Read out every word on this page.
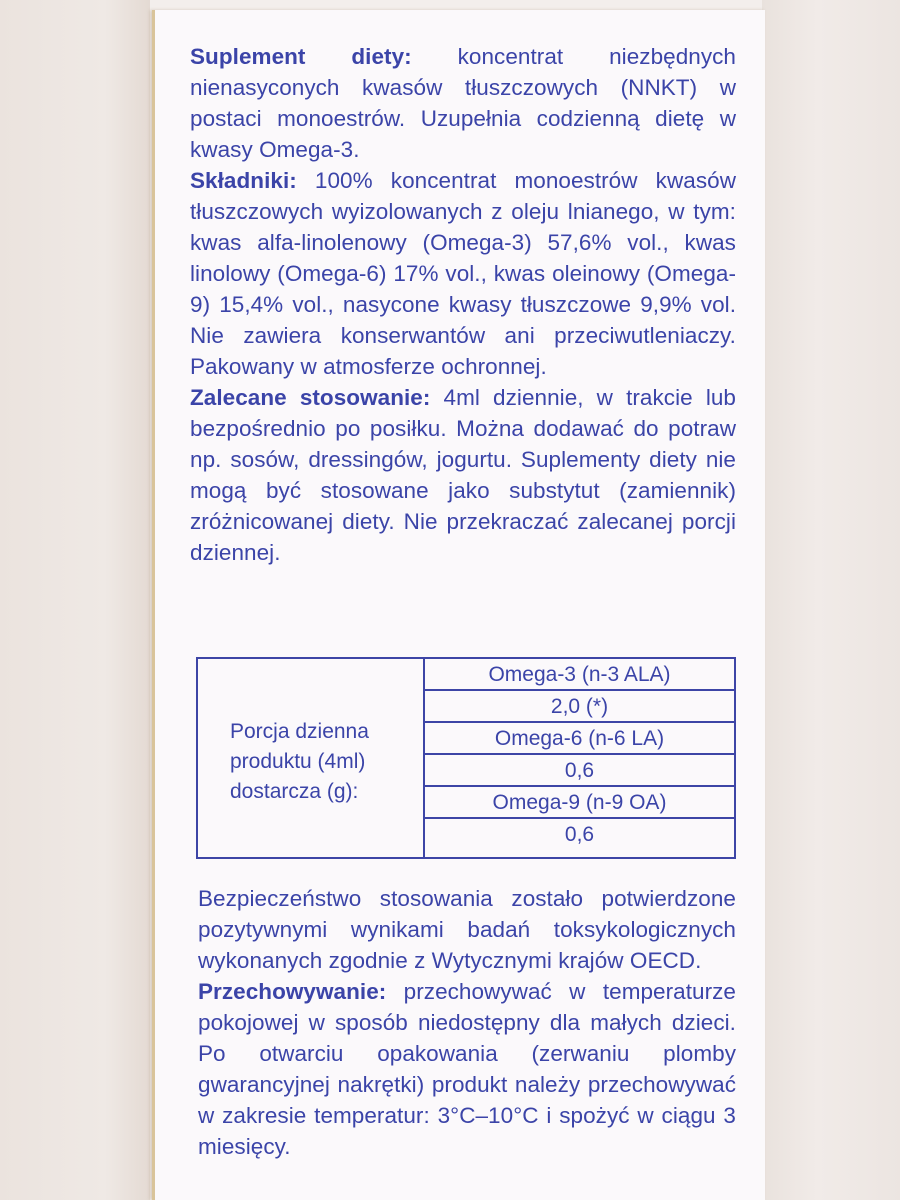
Suplement diety: koncentrat niezbędnych nienasyconych kwasów tłuszczowych (NNKT) w postaci monoestrów. Uzupełnia codzienną dietę w kwasy Omega-3.

Składniki: 100% koncentrat monoestrów kwasów tłuszczowych wyizolowanych z oleju lnianego, w tym: kwas alfa-linolenowy (Omega-3) 57,6% vol., kwas linolowy (Omega-6) 17% vol., kwas oleinowy (Omega-9) 15,4% vol., nasycone kwasy tłuszczowe 9,9% vol. Nie zawiera konserwantów ani przeciwutleniaczy. Pakowany w atmosferze ochronnej.

Zalecane stosowanie: 4ml dziennie, w trakcie lub bezpośrednio po posiłku. Można dodawać do potraw np. sosów, dressingów, jogurtu. Suplementy diety nie mogą być stosowane jako substytut (zamiennik) zróżnicowanej diety. Nie przekraczać zalecanej porcji dziennej.

Porcja dzienna produktu (4ml) dostarcza (g):
Omega-3 (n-3 ALA)
2,0 (*)
Omega-6 (n-6 LA)
0,6
Omega-9 (n-9 OA)
0,6

Bezpieczeństwo stosowania zostało potwierdzone pozytywnymi wynikami badań toksykologicznych wykonanych zgodnie z Wytycznymi krajów OECD.

Przechowywanie: przechowywać w temperaturze pokojowej w sposób niedostępny dla małych dzieci. Po otwarciu opakowania (zerwaniu plomby gwarancyjnej nakrętki) produkt należy przechowywać w zakresie temperatur: 3°C–10°C i spożyć w ciągu 3 miesięcy.
